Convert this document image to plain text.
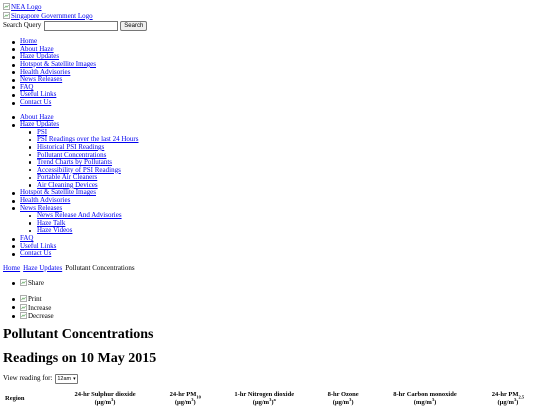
NEA Logo
Singapore Government Logo
Search Query	Search
Home
About Haze
Haze Updates
Hotspot & Satellite Images
Health Advisories
News Releases
FAQ
Useful Links
Contact Us
About Haze
Haze Updates
PSI
PSI Readings over the last 24 Hours
Historical PSI Readings
Pollutant Concentrations
Trend Charts by Pollutants
Accessibility of PSI Readings
Portable Air Cleaners
Air Cleaning Devices
Hotspot & Satellite Images
Health Advisories
News Releases
News Release And Advisories
Haze Talk
Haze Videos
FAQ
Useful Links
Contact Us
Home Haze Updates Pollutant Concentrations
Share
Print
Increase
Decrease
Pollutant Concentrations
Readings on 10 May 2015
View reading for: 12am ▾
Region	24-hr Sulphur dioxide
$(\mu g/m^3)$
	24-hr $PM_{10}$
$(\mu g/m^3)$
	1-hr Nitrogen dioxide
$(\mu g/m^3)^a$
	8-hr Ozone
$(\mu g/m^3)$
	8-hr Carbon monoxide
$(mg/m^3)$
	24-hr $PM_{2.5}$
$(\mu g/m^3)$
